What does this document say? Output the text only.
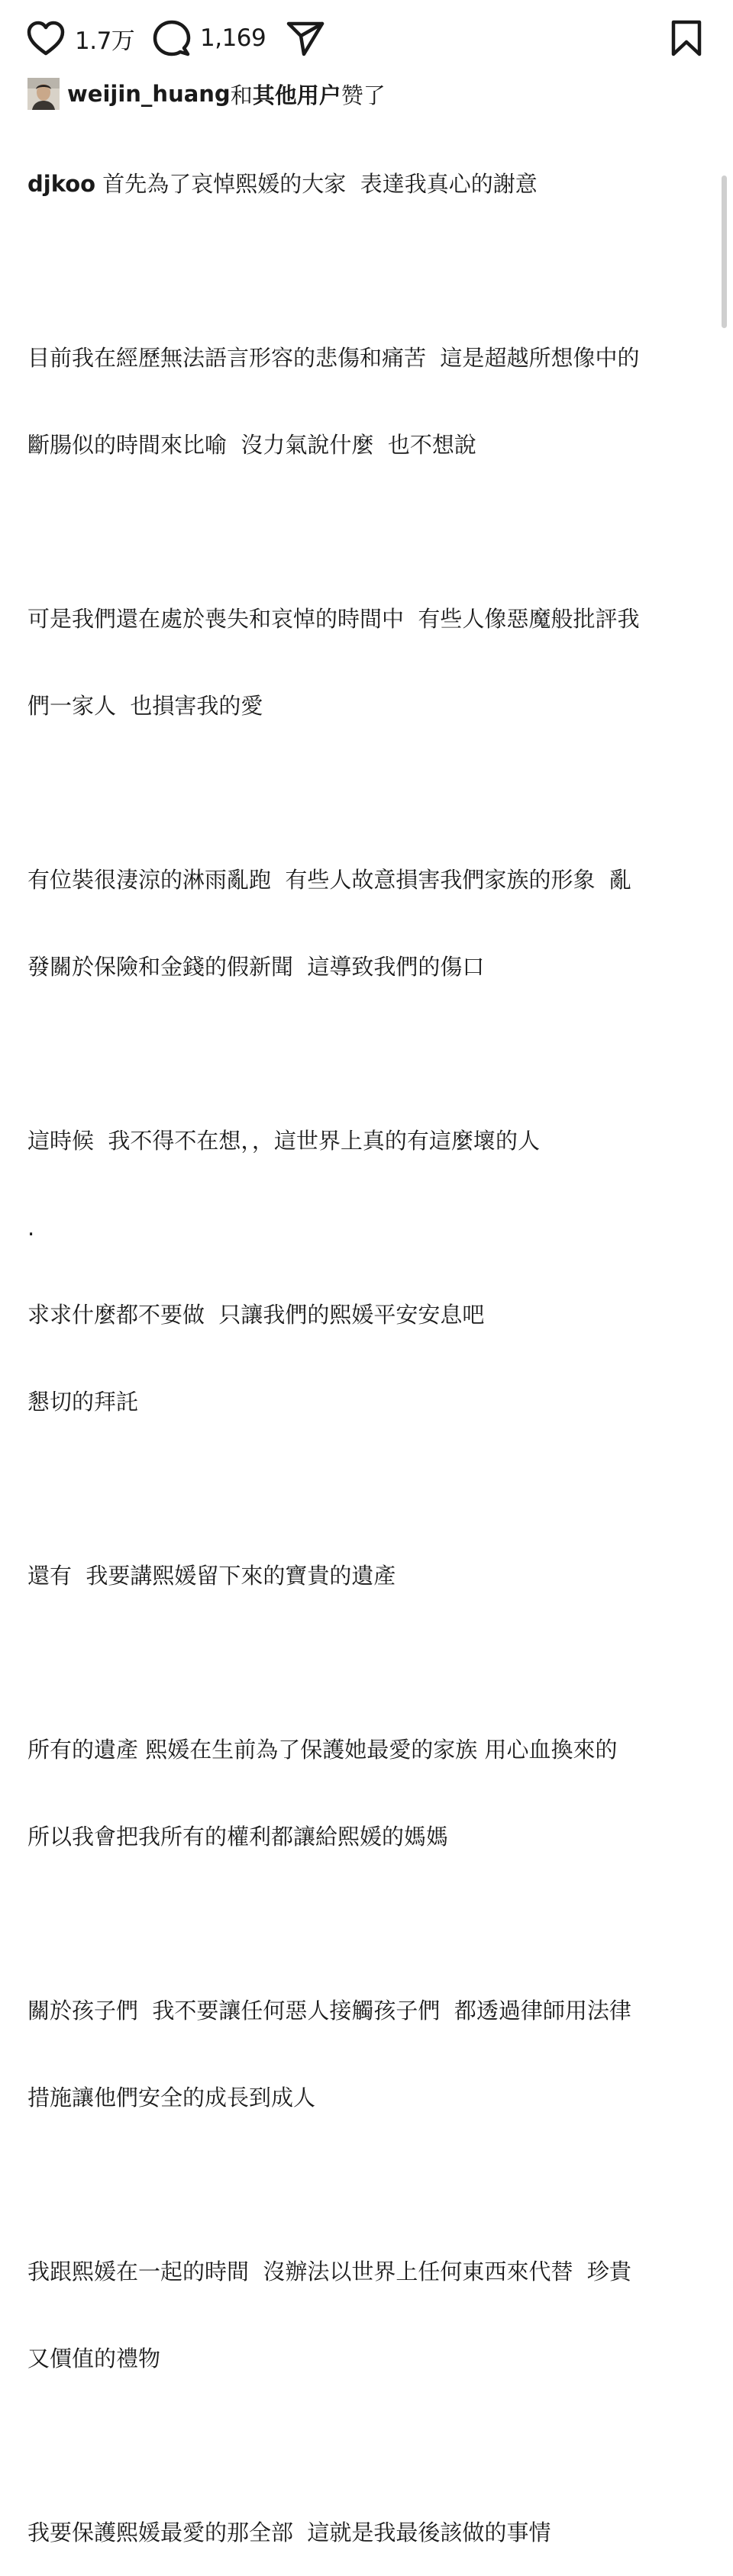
1.7万	1,169
weijin_huang 和 其他用户 赞了

djkoo 首先為了哀悼熙媛的大家  表達我真心的謝意

目前我在經歷無法語言形容的悲傷和痛苦  這是超越所想像中的

斷腸似的時間來比喻  沒力氣說什麼  也不想說

可是我們還在處於喪失和哀悼的時間中  有些人像惡魔般批評我

們一家人  也損害我的愛

有位裝很淒涼的淋雨亂跑  有些人故意損害我們家族的形象  亂

發關於保險和金錢的假新聞  這導致我們的傷口

這時候  我不得不在想，，這世界上真的有這麼壞的人

.

求求什麼都不要做  只讓我們的熙媛平安安息吧

懇切的拜託

還有  我要講熙媛留下來的寶貴的遺產

所有的遺產 熙媛在生前為了保護她最愛的家族 用心血換來的

所以我會把我所有的權利都讓給熙媛的媽媽

關於孩子們  我不要讓任何惡人接觸孩子們  都透過律師用法律

措施讓他們安全的成長到成人

我跟熙媛在一起的時間  沒辦法以世界上任何東西來代替  珍貴

又價值的禮物

我要保護熙媛最愛的那全部  這就是我最後該做的事情
